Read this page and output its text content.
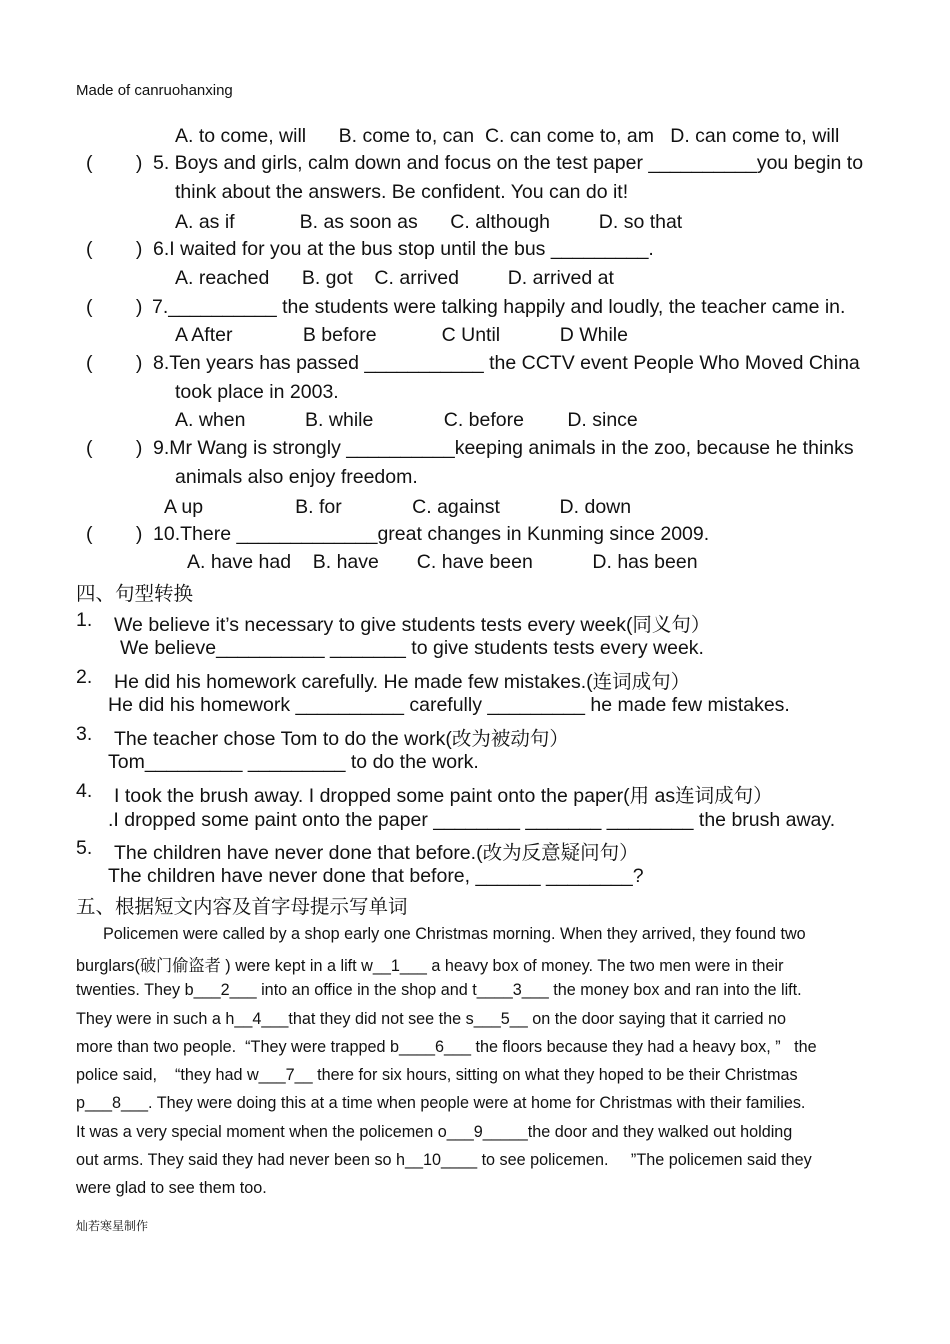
Made of canruohanxing
A. to come, will      B. come to, can  C. can come to, am   D. can come to, will
(        ) 5. Boys and girls, calm down and focus on the test paper __________you begin to
think about the answers. Be confident. You can do it!
A. as if            B. as soon as      C. although         D. so that
(        ) 6.I waited for you at the bus stop until the bus _________.
A. reached      B. got    C. arrived         D. arrived at
(        ) 7.__________ the students were talking happily and loudly, the teacher came in.
A After             B before            C Until           D While
(        ) 8.Ten years has passed ___________ the CCTV event People Who Moved China
took place in 2003.
A. when           B. while             C. before        D. since
(        ) 9.Mr Wang is strongly __________keeping animals in the zoo, because he thinks
animals also enjoy freedom.
A up                 B. for             C. against           D. down
(        ) 10.There _____________great changes in Kunming since 2009.
A. have had    B. have       C. have been           D. has been
四、句型转换
1. We believe it’s necessary to give students tests every week(同义句）
We believe__________ _______ to give students tests every week.
2. He did his homework carefully. He made few mistakes.(连词成句）
He did his homework __________ carefully _________ he made few mistakes.
3. The teacher chose Tom to do the work(改为被动句）
Tom_________ _________ to do the work.
4. I took the brush away. I dropped some paint onto the paper(用 as连词成句）
.I dropped some paint onto the paper ________ _______ ________ the brush away.
5. The children have never done that before.(改为反意疑问句）
The children have never done that before, ______ ________?
五、根据短文内容及首字母提示写单词
Policemen were called by a shop early one Christmas morning. When they arrived, they found two
burglars(破门偷盗者 ) were kept in a lift w__1___ a heavy box of money. The two men were in their
twenties. They b___2___ into an office in the shop and t____3___ the money box and ran into the lift.
They were in such a h__4___that they did not see the s___5__ on the door saying that it carried no
more than two people.  “They were trapped b____6___ the floors because they had a heavy box, ”   the
police said,    “they had w___7__ there for six hours, sitting on what they hoped to be their Christmas
p___8___. They were doing this at a time when people were at home for Christmas with their families.
It was a very special moment when the policemen o___9_____the door and they walked out holding
out arms. They said they had never been so h__10____ to see policemen.     ”The policemen said they
were glad to see them too.
灿若寒星制作
